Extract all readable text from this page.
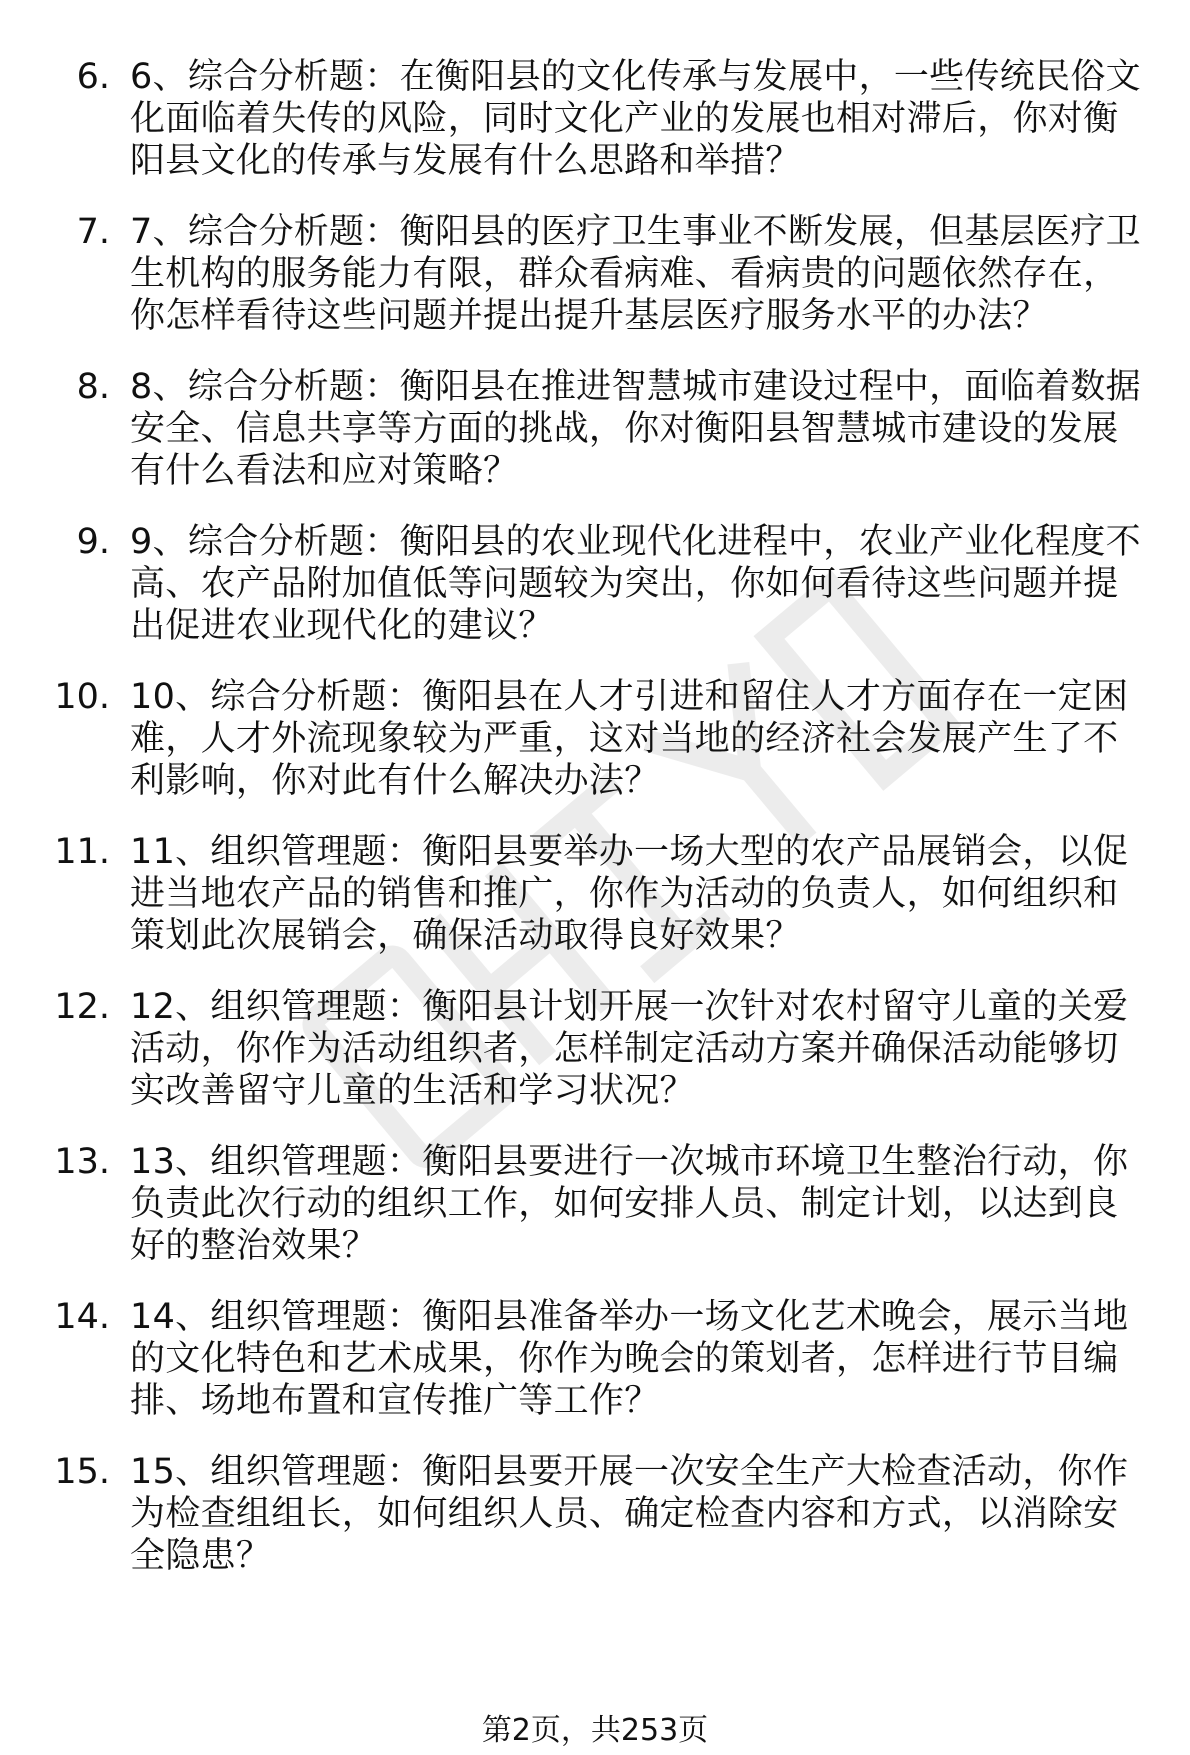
6. 6、综合分析题：在衡阳县的文化传承与发展中，一些传统民俗文化面临着失传的风险，同时文化产业的发展也相对滞后，你对衡阳县文化的传承与发展有什么思路和举措？
7. 7、综合分析题：衡阳县的医疗卫生事业不断发展，但基层医疗卫生机构的服务能力有限，群众看病难、看病贵的问题依然存在，你怎样看待这些问题并提出提升基层医疗服务水平的办法？
8. 8、综合分析题：衡阳县在推进智慧城市建设过程中，面临着数据安全、信息共享等方面的挑战，你对衡阳县智慧城市建设的发展有什么看法和应对策略？
9. 9、综合分析题：衡阳县的农业现代化进程中，农业产业化程度不高、农产品附加值低等问题较为突出，你如何看待这些问题并提出促进农业现代化的建议？
10. 10、综合分析题：衡阳县在人才引进和留住人才方面存在一定困难，人才外流现象较为严重，这对当地的经济社会发展产生了不利影响，你对此有什么解决办法？
11. 11、组织管理题：衡阳县要举办一场大型的农产品展销会，以促进当地农产品的销售和推广，你作为活动的负责人，如何组织和策划此次展销会，确保活动取得良好效果？
12. 12、组织管理题：衡阳县计划开展一次针对农村留守儿童的关爱活动，你作为活动组织者，怎样制定活动方案并确保活动能够切实改善留守儿童的生活和学习状况？
13. 13、组织管理题：衡阳县要进行一次城市环境卫生整治行动，你负责此次行动的组织工作，如何安排人员、制定计划，以达到良好的整治效果？
14. 14、组织管理题：衡阳县准备举办一场文化艺术晚会，展示当地的文化特色和艺术成果，你作为晚会的策划者，怎样进行节目编排、场地布置和宣传推广等工作？
15. 15、组织管理题：衡阳县要开展一次安全生产大检查活动，你作为检查组组长，如何组织人员、确定检查内容和方式，以消除安全隐患？
第2页，共253页
